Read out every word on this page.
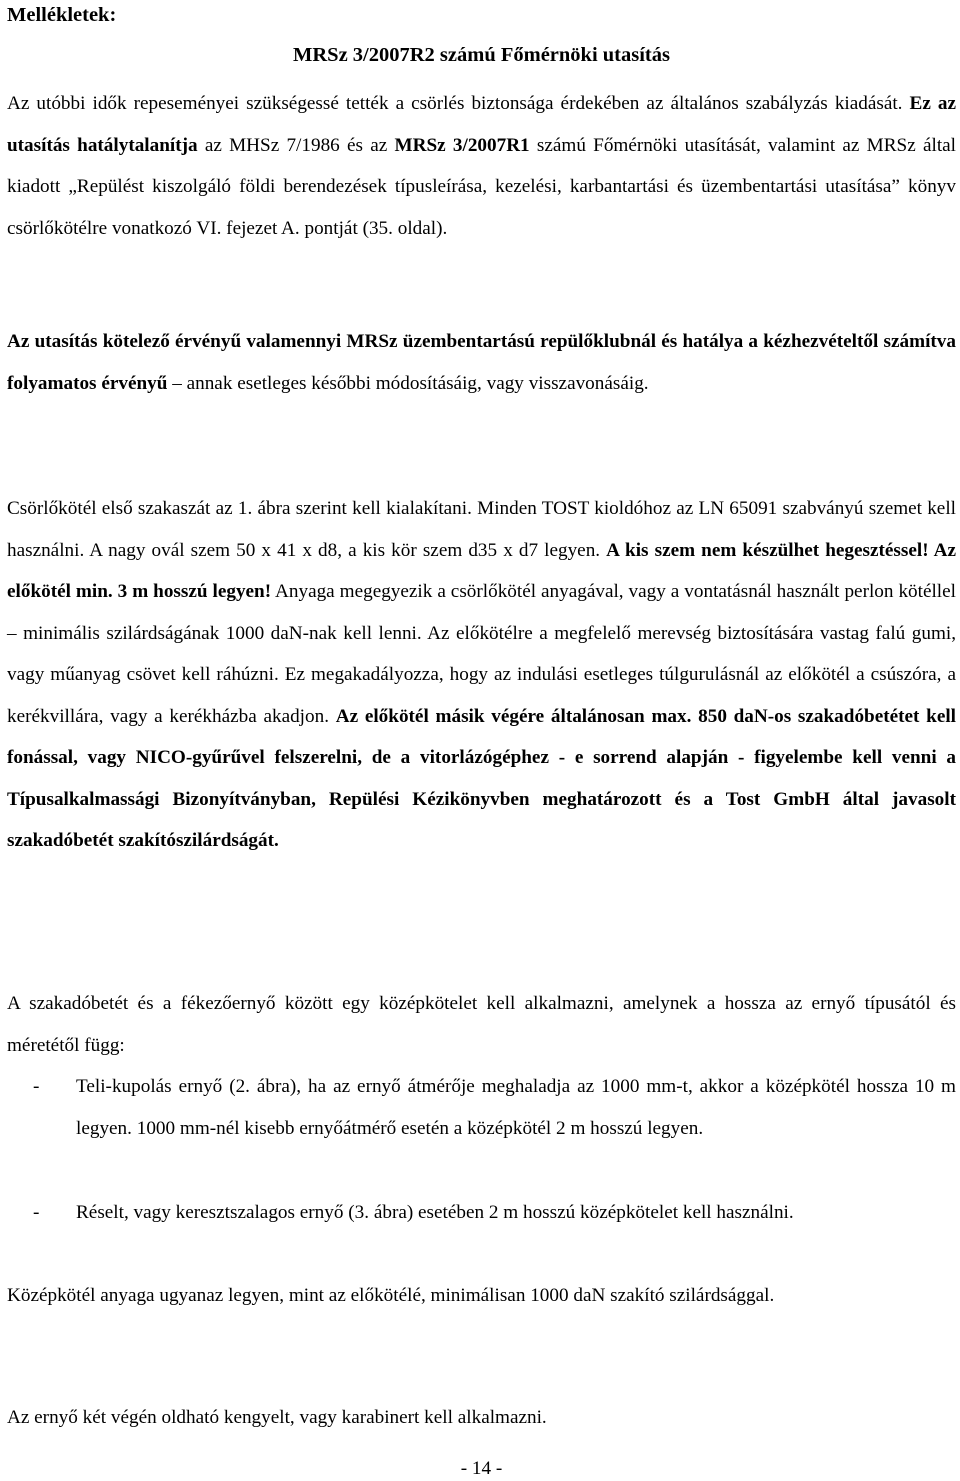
Mellékletek:
MRSz 3/2007R2 számú Főmérnöki utasítás

Az utóbbi idők repeseményei szükségessé tették a csörlés biztonsága érdekében az általános szabályzás kiadását. Ez az utasítás hatálytalanítja az MHSz 7/1986 és az MRSz 3/2007R1 számú Főmérnöki utasítását, valamint az MRSz által kiadott „Repülést kiszolgáló földi berendezések típusleírása, kezelési, karbantartási és üzembentartási utasítása” könyv csörlőkötélre vonatkozó VI. fejezet A. pontját (35. oldal).

Az utasítás kötelező érvényű valamennyi MRSz üzembentartású repülőklubnál és hatálya a kézhezvételtől számítva folyamatos érvényű – annak esetleges későbbi módosításáig, vagy visszavonásáig.

Csörlőkötél első szakaszát az 1. ábra szerint kell kialakítani. Minden TOST kioldóhoz az LN 65091 szabványú szemet kell használni. A nagy ovál szem 50 x 41 x d8, a kis kör szem d35 x d7 legyen. A kis szem nem készülhet hegesztéssel! Az előkötél min. 3 m hosszú legyen! Anyaga megegyezik a csörlőkötél anyagával, vagy a vontatásnál használt perlon kötéllel – minimális szilárdságának 1000 daN-nak kell lenni. Az előkötélre a megfelelő merevség biztosítására vastag falú gumi, vagy műanyag csövet kell ráhúzni. Ez megakadályozza, hogy az indulási esetleges túlgurulásnál az előkötél a csúszóra, a kerékvillára, vagy a kerékházba akadjon. Az előkötél másik végére általánosan max. 850 daN-os szakadóbetétet kell fonással, vagy NICO-gyűrűvel felszerelni, de a vitorlázógéphez - e sorrend alapján - figyelembe kell venni a Típusalkalmassági Bizonyítványban, Repülési Kézikönyvben meghatározott és a Tost GmbH által javasolt szakadóbetét szakítószilárdságát.

A szakadóbetét és a fékezőernyő között egy középkötelet kell alkalmazni, amelynek a hossza az ernyő típusától és méretétől függ:

- Teli-kupolás ernyő (2. ábra), ha az ernyő átmérője meghaladja az 1000 mm-t, akkor a középkötél hossza 10 m legyen. 1000 mm-nél kisebb ernyőátmérő esetén a középkötél 2 m hosszú legyen.
- Réselt, vagy keresztszalagos ernyő (3. ábra) esetében 2 m hosszú középkötelet kell használni.

Középkötél anyaga ugyanaz legyen, mint az előkötélé, minimálisan 1000 daN szakító szilárdsággal.

Az ernyő két végén oldható kengyelt, vagy karabinert kell alkalmazni.

- 14 -
